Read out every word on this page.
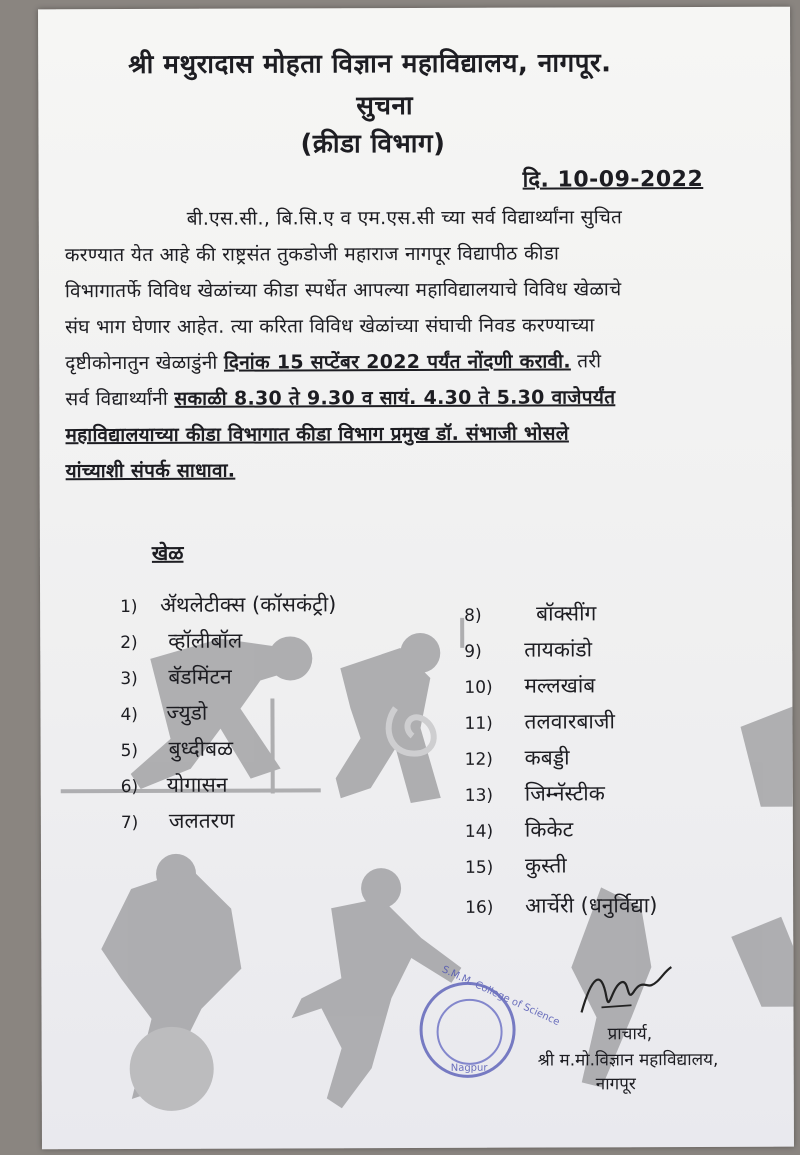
श्री मथुरादास मोहता विज्ञान महाविद्यालय, नागपूर.
सुचना
(क्रीडा विभाग)
दि. 10-09-2022
बी.एस.सी., बि.सि.ए व एम.एस.सी च्या सर्व विद्यार्थ्यांना सुचित
करण्यात येत आहे की राष्ट्रसंत तुकडोजी महाराज नागपूर विद्यापीठ कीडा
विभागातर्फे विविध खेळांच्या कीडा स्पर्धेत आपल्या महाविद्यालयाचे विविध खेळाचे
संघ भाग घेणार आहेत. त्या करिता विविध खेळांच्या संघाची निवड करण्याच्या
दृष्टीकोनातुन खेळाडुंनी दिनांक 15 सप्टेंबर 2022 पर्यंत नोंदणी करावी. तरी
सर्व विद्यार्थ्यांनी सकाळी 8.30 ते 9.30 व सायं. 4.30 ते 5.30 वाजेपर्यंत
महाविद्यालयाच्या कीडा विभागात कीडा विभाग प्रमुख डॉ. संभाजी भोसले
यांच्याशी संपर्क साधावा.
खेळ
1) ॲथलेटीक्स (कॉसकंट्री)
2) व्हॉलीबॉल
3) बॅडमिंटन
4) ज्युडो
5) बुध्दीबळ
6) योगासन
7) जलतरण
8)	बॉक्सींग
9) तायकांडो
10) मल्लखांब
11) तलवारबाजी
12) कबड्डी
13) जिम्नॅस्टीक
14) किकेट
15) कुस्ती
16) आर्चेरी (धनुर्विद्या)
S.M.M. College of Science
Nagpur
प्राचार्य,
श्री म.मो.विज्ञान महाविद्यालय,
नागपूर
